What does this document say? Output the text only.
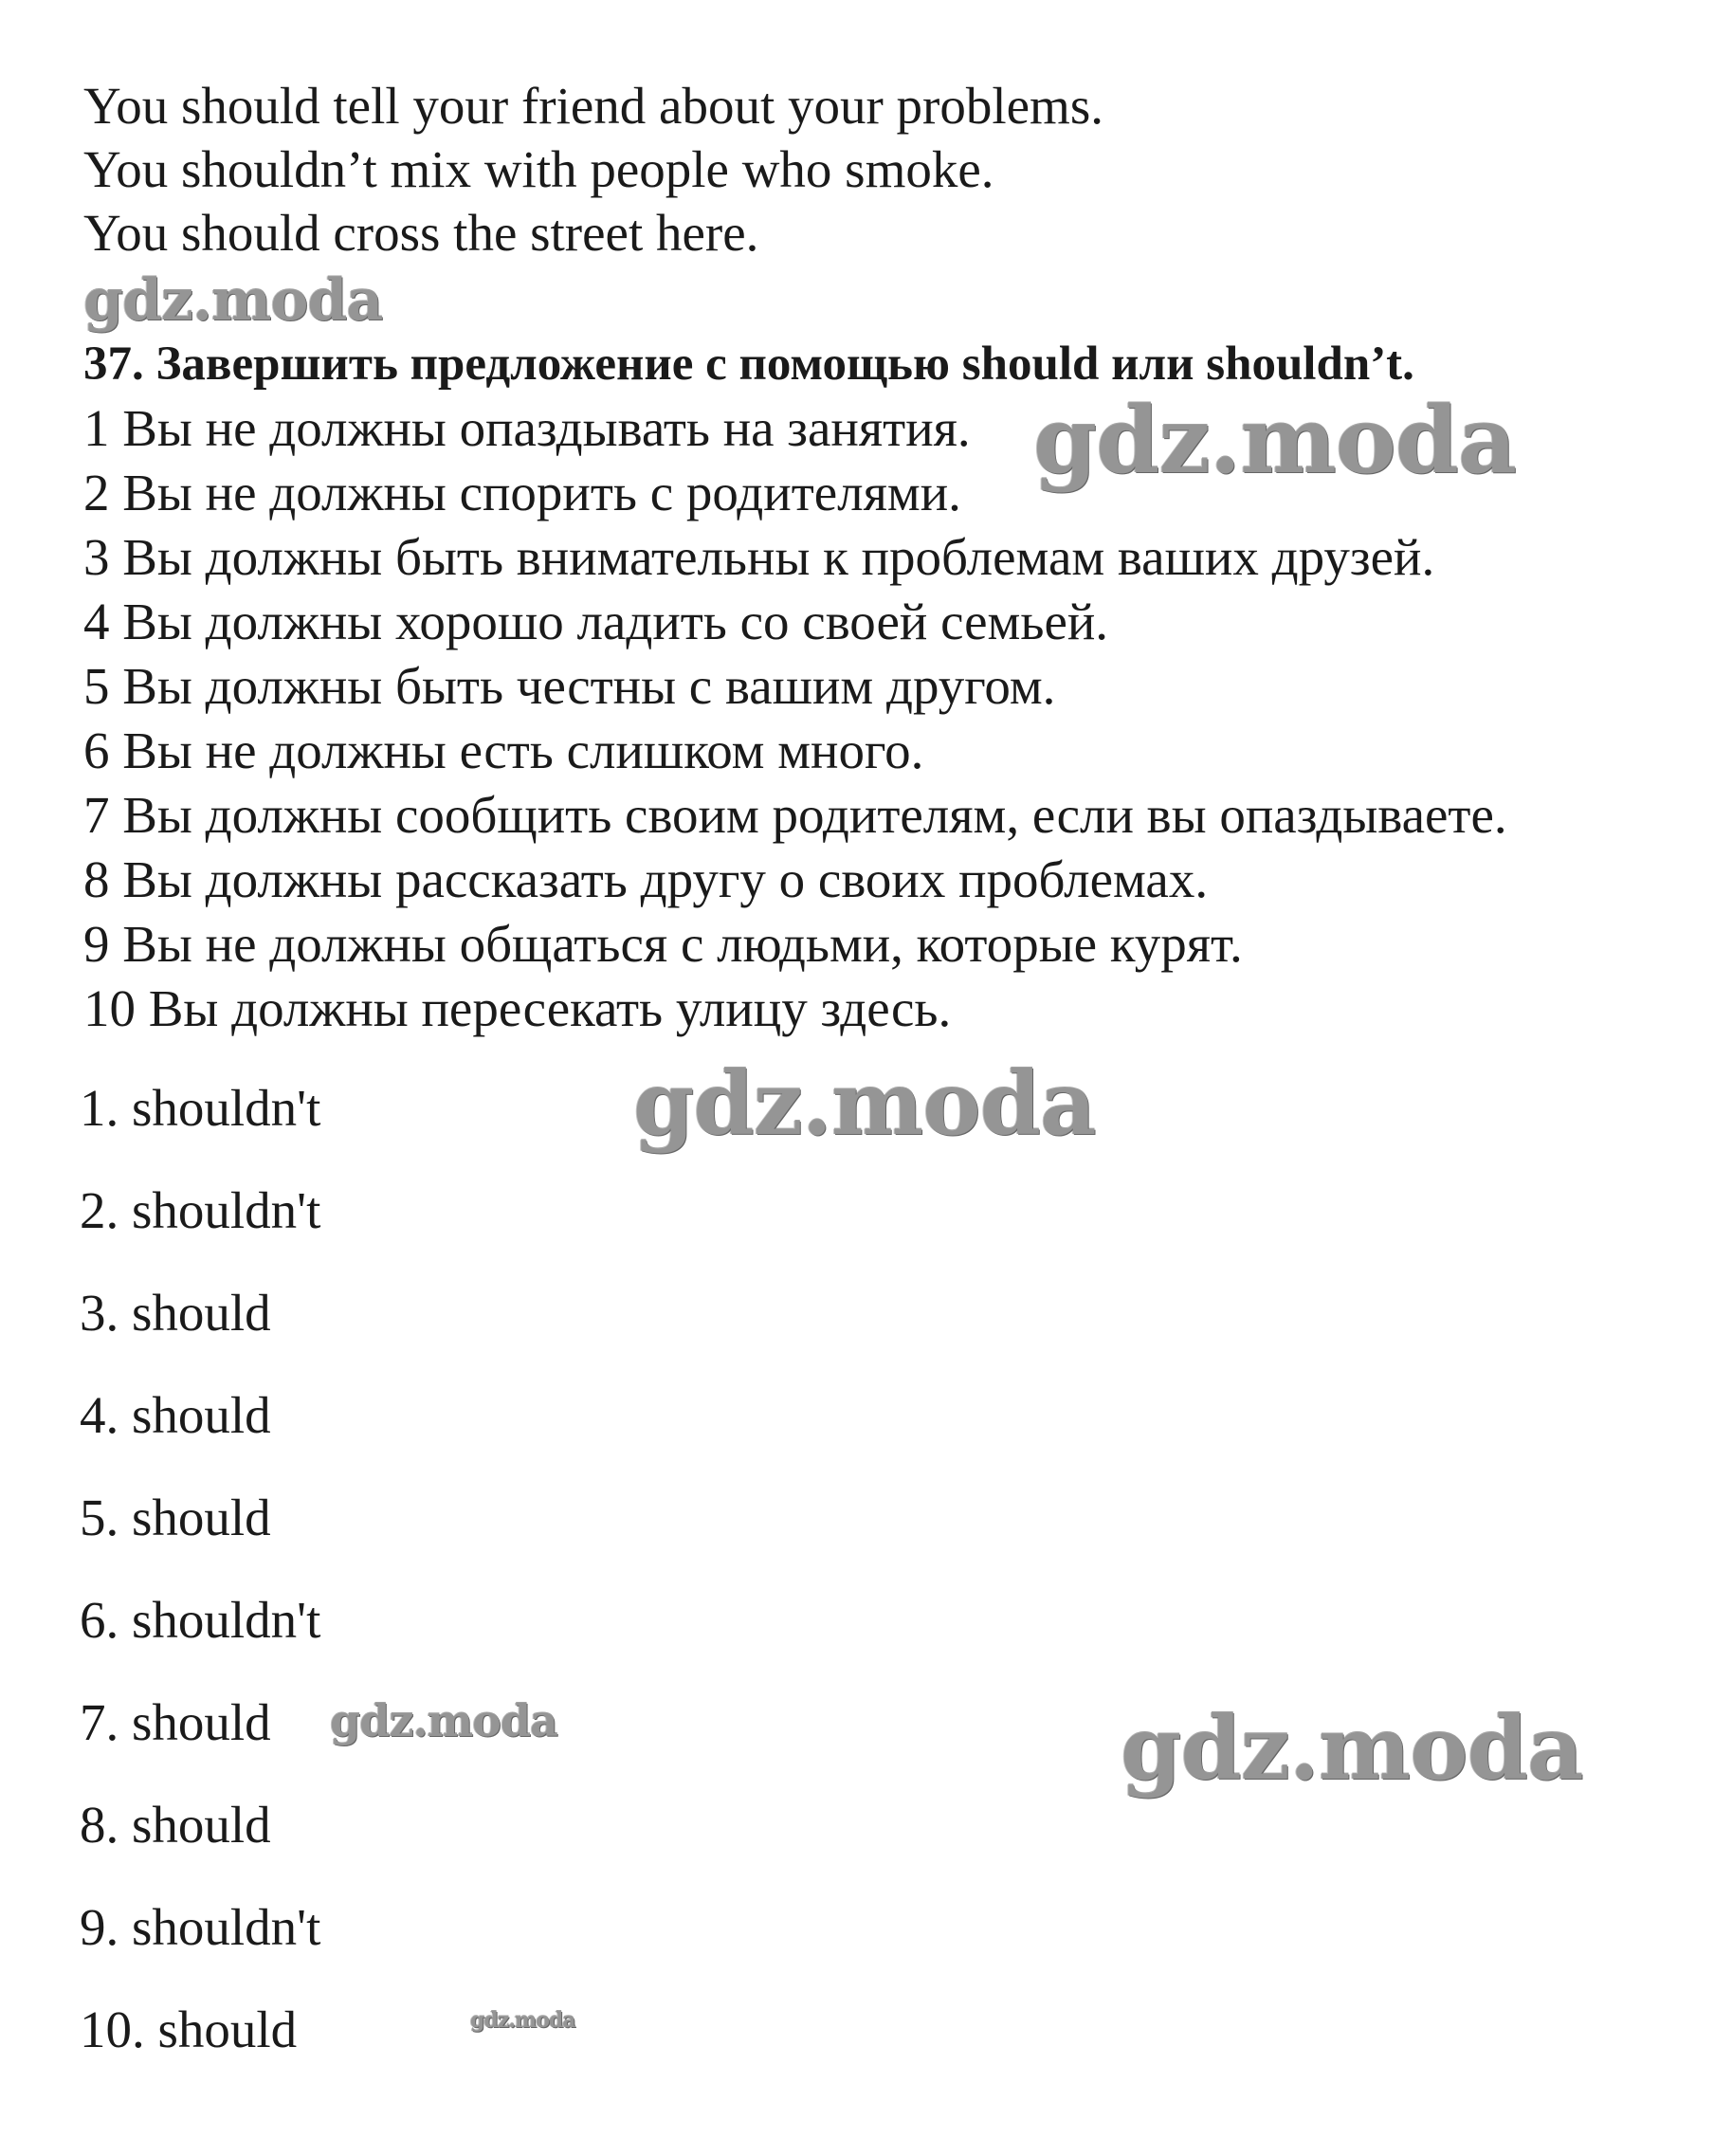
You should tell your friend about your problems.
You shouldn’t mix with people who smoke.
You should cross the street here.
gdz.moda
37. Завершить предложение с помощью should или shouldn’t.
1 Вы не должны опаздывать на занятия.
2 Вы не должны спорить с родителями.
3 Вы должны быть внимательны к проблемам ваших друзей.
4 Вы должны хорошо ладить со своей семьей.
5 Вы должны быть честны с вашим другом.
6 Вы не должны есть слишком много.
7 Вы должны сообщить своим родителям, если вы опаздываете.
8 Вы должны рассказать другу о своих проблемах.
9 Вы не должны общаться с людьми, которые курят.
10 Вы должны пересекать улицу здесь.
gdz.moda
1. shouldn't
2. shouldn't
3. should
4. should
5. should
6. shouldn't
7. should
8. should
9. shouldn't
10. should
gdz.moda
gdz.moda	gdz.moda
gdz.moda
